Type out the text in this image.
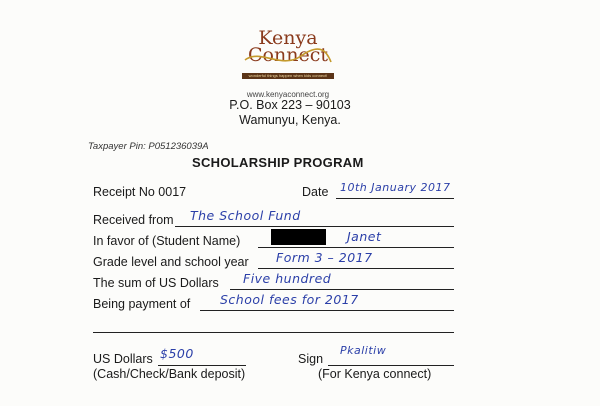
Kenya
Connect
wonderful things happen when kids connect!
www.kenyaconnect.org
P.O. Box 223 – 90103
Wamunyu, Kenya.
Taxpayer Pin: P051236039A
SCHOLARSHIP PROGRAM
Receipt No 0017	Date 10th January 2017
Received from The School Fund
In favor of (Student Name)	Janet
Grade level and school year Form 3 – 2017
The sum of US Dollars Five hundred
Being payment of School fees for 2017
US Dollars $500
(Cash/Check/Bank deposit)
Sign
Pkalitiw
(For Kenya connect)
